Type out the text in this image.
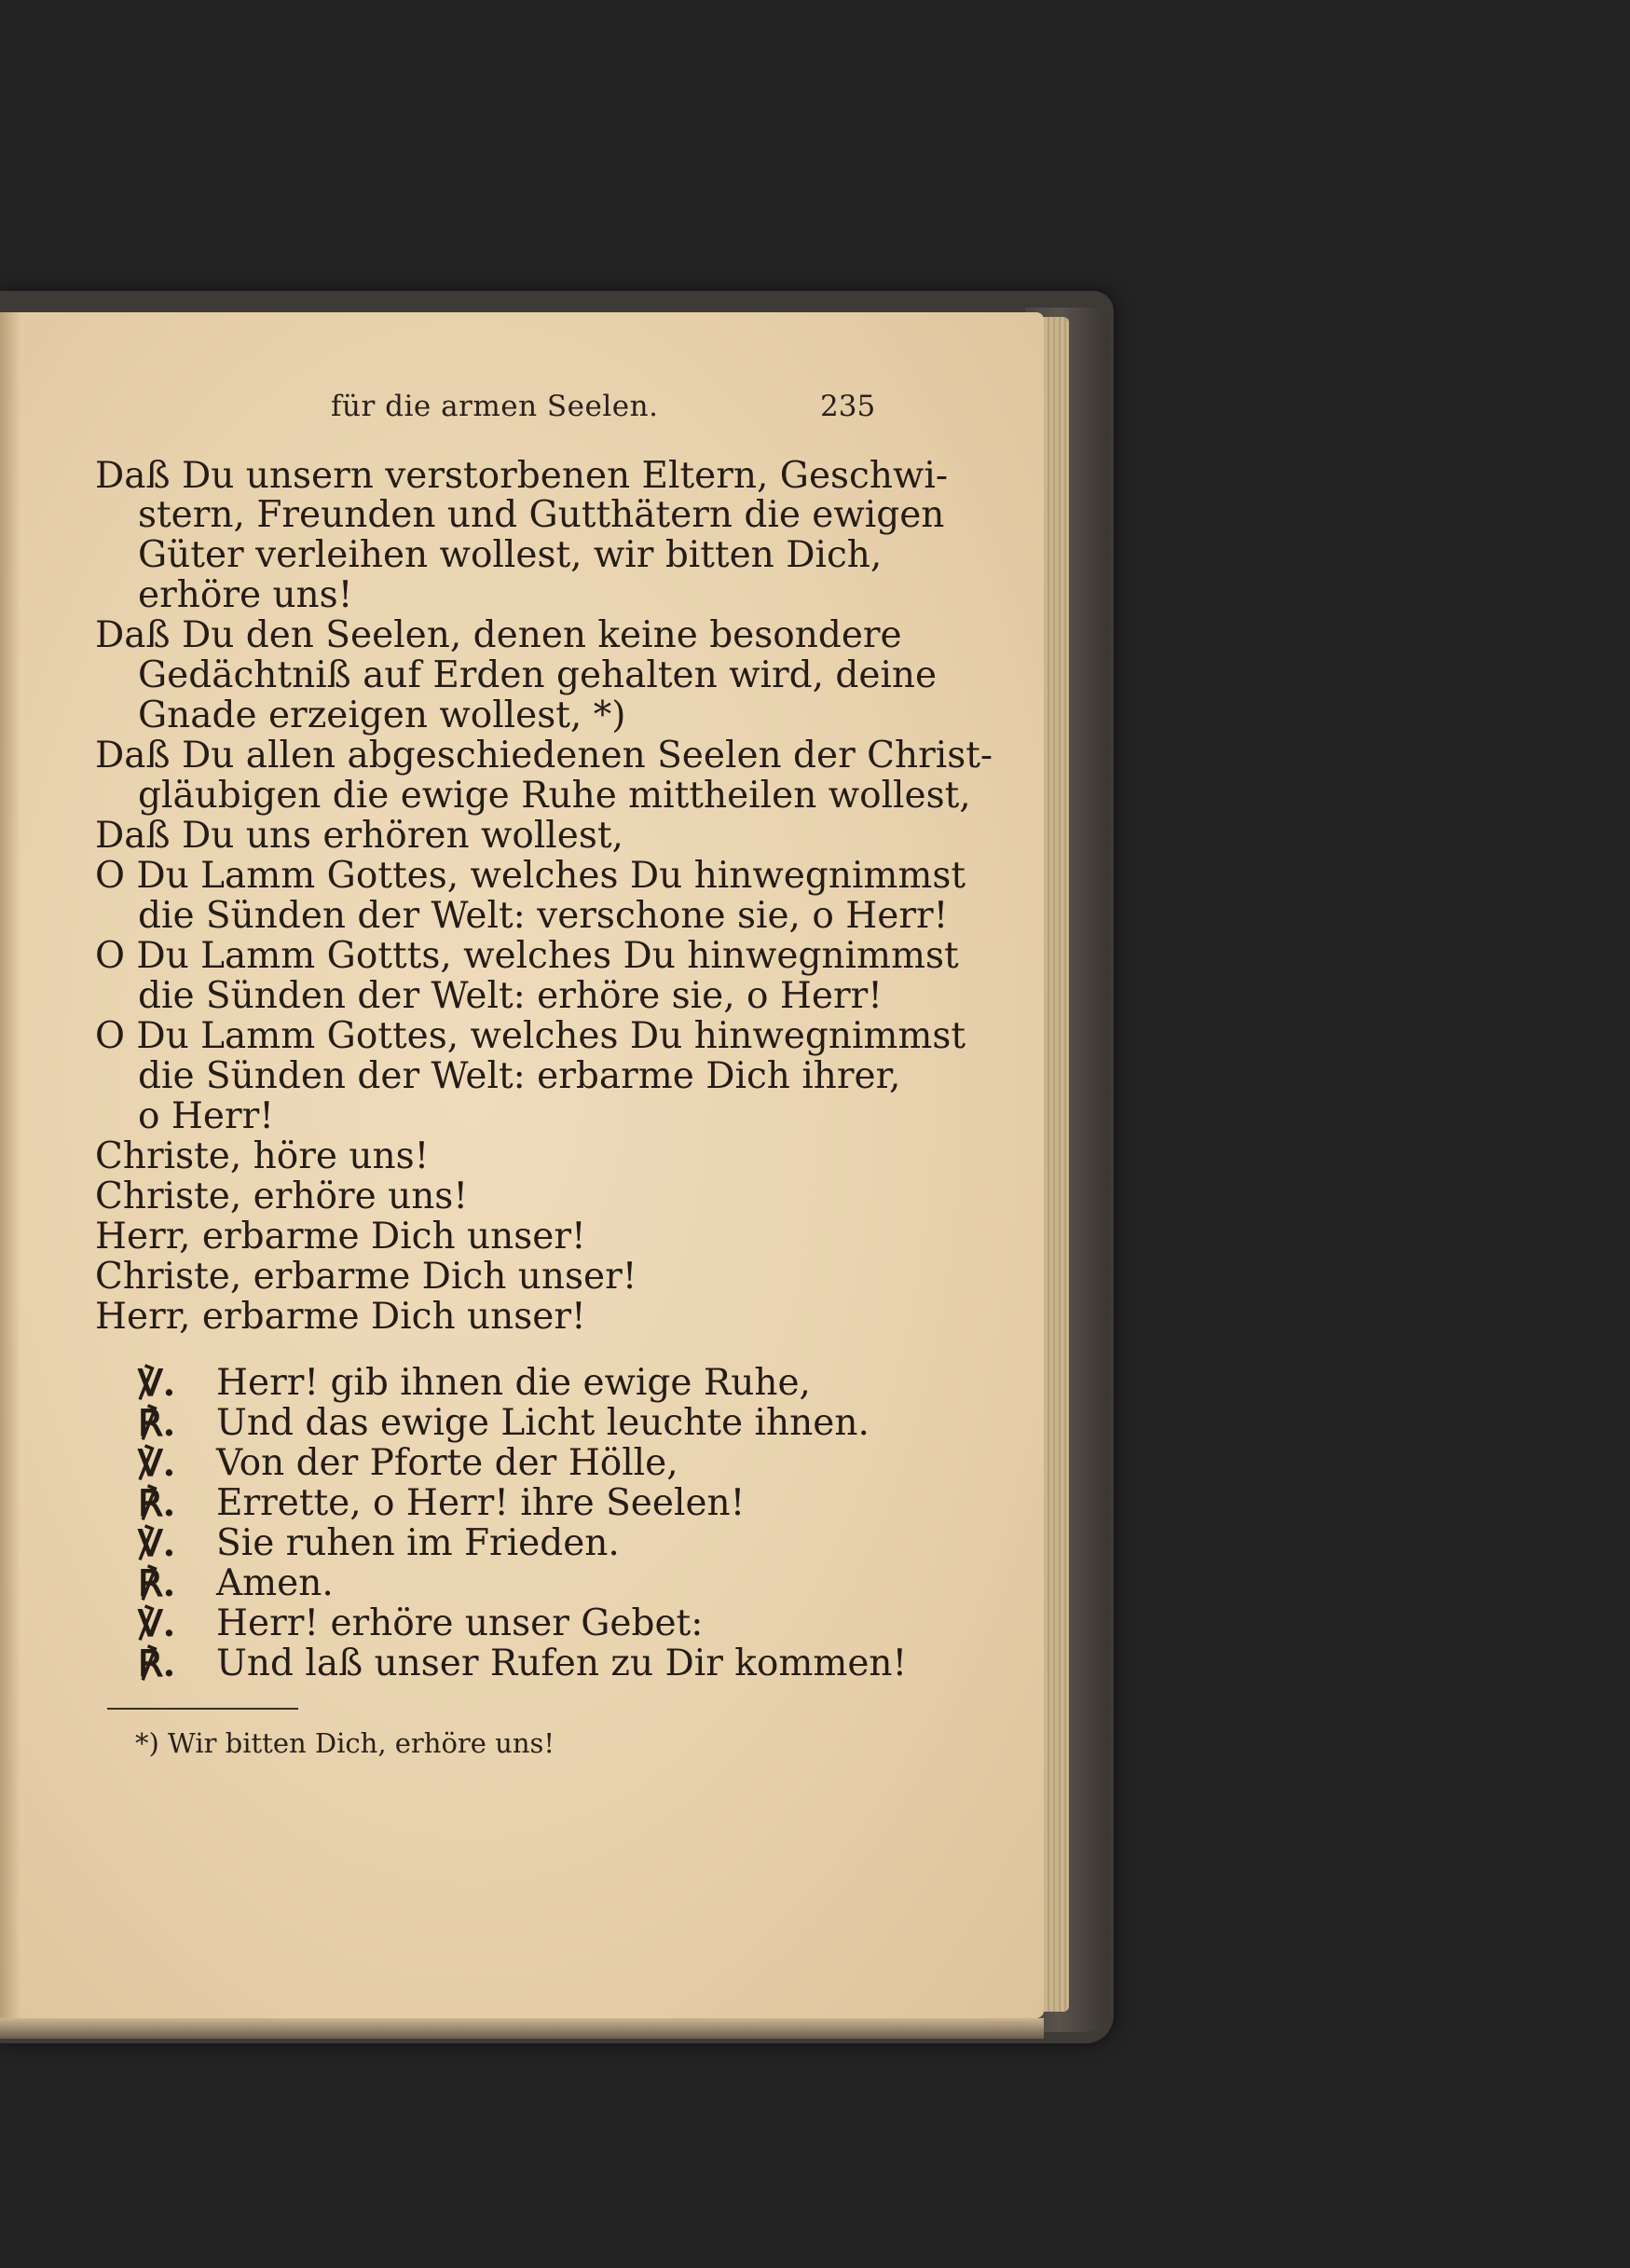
für die armen Seelen.	235
Daß Du unsern verstorbenen Eltern, Geschwi-
stern, Freunden und Gutthätern die ewigen
Güter verleihen wollest, wir bitten Dich,
erhöre uns!
Daß Du den Seelen, denen keine besondere
Gedächtniß auf Erden gehalten wird, deine
Gnade erzeigen wollest, *)
Daß Du allen abgeschiedenen Seelen der Christ-
gläubigen die ewige Ruhe mittheilen wollest,
Daß Du uns erhören wollest,
O Du Lamm Gottes, welches Du hinwegnimmst
die Sünden der Welt: verschone sie, o Herr!
O Du Lamm Gottts, welches Du hinwegnimmst
die Sünden der Welt: erhöre sie, o Herr!
O Du Lamm Gottes, welches Du hinwegnimmst
die Sünden der Welt: erbarme Dich ihrer,
o Herr!
Christe, höre uns!
Christe, erhöre uns!
Herr, erbarme Dich unser!
Christe, erbarme Dich unser!
Herr, erbarme Dich unser!
℣. Herr! gib ihnen die ewige Ruhe,
℟. Und das ewige Licht leuchte ihnen.
℣. Von der Pforte der Hölle,
℟. Errette, o Herr! ihre Seelen!
℣. Sie ruhen im Frieden.
℟. Amen.
℣. Herr! erhöre unser Gebet:
℟. Und laß unser Rufen zu Dir kommen!
*) Wir bitten Dich, erhöre uns!
